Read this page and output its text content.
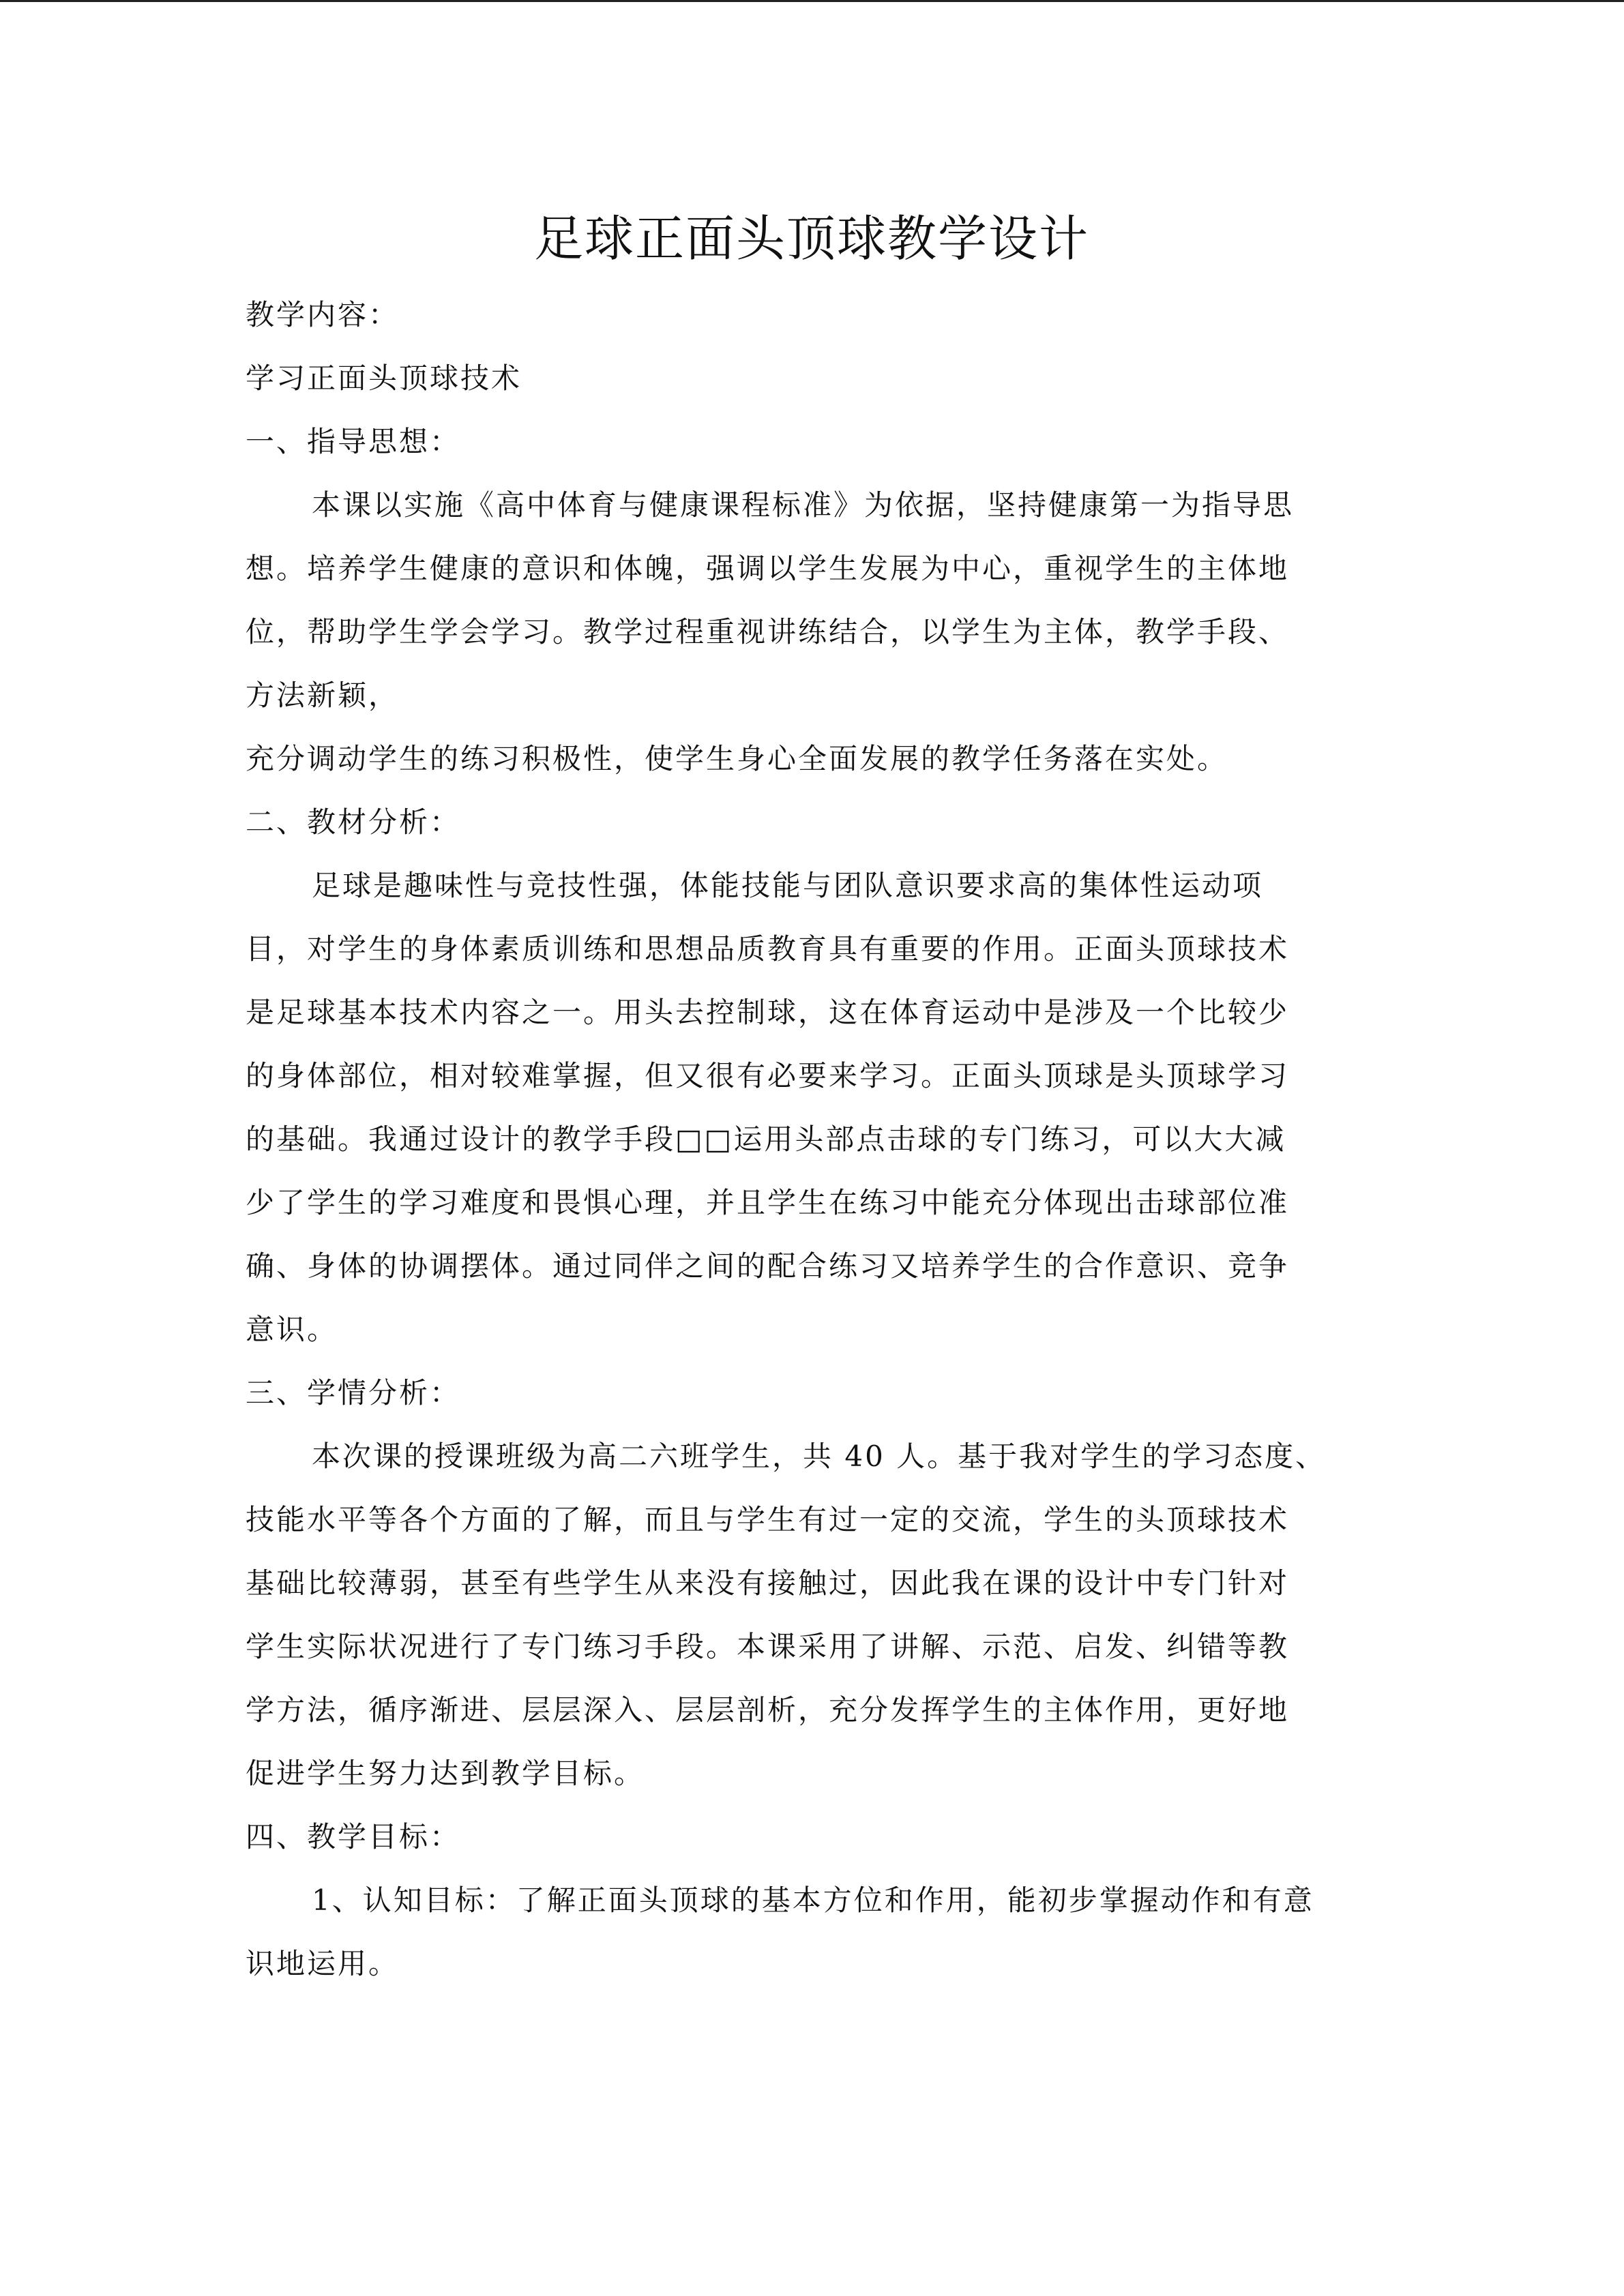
足球正面头顶球教学设计
教学内容：
学习正面头顶球技术
一、指导思想：
本课以实施《高中体育与健康课程标准》为依据，坚持健康第一为指导思
想。培养学生健康的意识和体魄，强调以学生发展为中心，重视学生的主体地
位，帮助学生学会学习。教学过程重视讲练结合，以学生为主体，教学手段、
方法新颖，
充分调动学生的练习积极性，使学生身心全面发展的教学任务落在实处。
二、教材分析：
足球是趣味性与竞技性强，体能技能与团队意识要求高的集体性运动项
目，对学生的身体素质训练和思想品质教育具有重要的作用。正面头顶球技术
是足球基本技术内容之一。用头去控制球，这在体育运动中是涉及一个比较少
的身体部位，相对较难掌握，但又很有必要来学习。正面头顶球是头顶球学习
的基础。我通过设计的教学手段□□运用头部点击球的专门练习，可以大大减
少了学生的学习难度和畏惧心理，并且学生在练习中能充分体现出击球部位准
确、身体的协调摆体。通过同伴之间的配合练习又培养学生的合作意识、竞争
意识。
三、学情分析：
本次课的授课班级为高二六班学生，共 40 人。基于我对学生的学习态度、
技能水平等各个方面的了解，而且与学生有过一定的交流，学生的头顶球技术
基础比较薄弱，甚至有些学生从来没有接触过，因此我在课的设计中专门针对
学生实际状况进行了专门练习手段。本课采用了讲解、示范、启发、纠错等教
学方法，循序渐进、层层深入、层层剖析，充分发挥学生的主体作用，更好地
促进学生努力达到教学目标。
四、教学目标：
1、认知目标：了解正面头顶球的基本方位和作用，能初步掌握动作和有意
识地运用。
